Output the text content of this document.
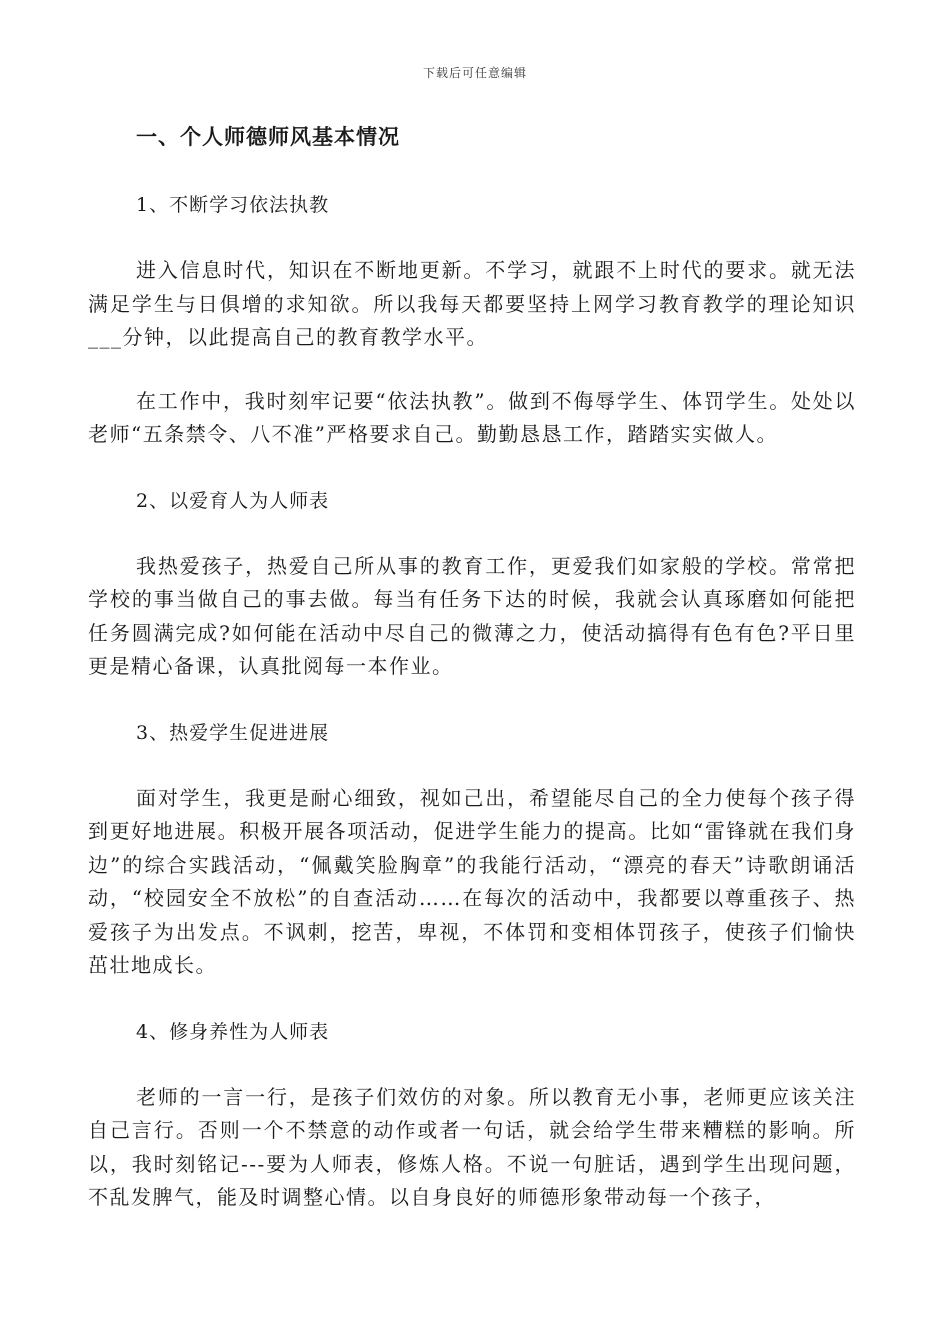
下载后可任意编辑
一、个人师德师风基本情况

1、不断学习依法执教

进入信息时代，知识在不断地更新。不学习，就跟不上时代的要求。就无法满足学生与日俱增的求知欲。所以我每天都要坚持上网学习教育教学的理论知识___分钟，以此提高自己的教育教学水平。

在工作中，我时刻牢记要“依法执教”。做到不侮辱学生、体罚学生。处处以老师“五条禁令、八不准”严格要求自己。勤勤恳恳工作，踏踏实实做人。

2、以爱育人为人师表

我热爱孩子，热爱自己所从事的教育工作，更爱我们如家般的学校。常常把学校的事当做自己的事去做。每当有任务下达的时候，我就会认真琢磨如何能把任务圆满完成?如何能在活动中尽自己的微薄之力，使活动搞得有色有色?平日里更是精心备课，认真批阅每一本作业。

3、热爱学生促进进展

面对学生，我更是耐心细致，视如己出，希望能尽自己的全力使每个孩子得到更好地进展。积极开展各项活动，促进学生能力的提高。比如“雷锋就在我们身边”的综合实践活动，“佩戴笑脸胸章”的我能行活动，“漂亮的春天”诗歌朗诵活动，“校园安全不放松”的自查活动……在每次的活动中，我都要以尊重孩子、热爱孩子为出发点。不讽刺，挖苦，卑视，不体罚和变相体罚孩子，使孩子们愉快茁壮地成长。

4、修身养性为人师表

老师的一言一行，是孩子们效仿的对象。所以教育无小事，老师更应该关注自己言行。否则一个不禁意的动作或者一句话，就会给学生带来糟糕的影响。所以，我时刻铭记---要为人师表，修炼人格。不说一句脏话，遇到学生出现问题，不乱发脾气，能及时调整心情。以自身良好的师德形象带动每一个孩子，
